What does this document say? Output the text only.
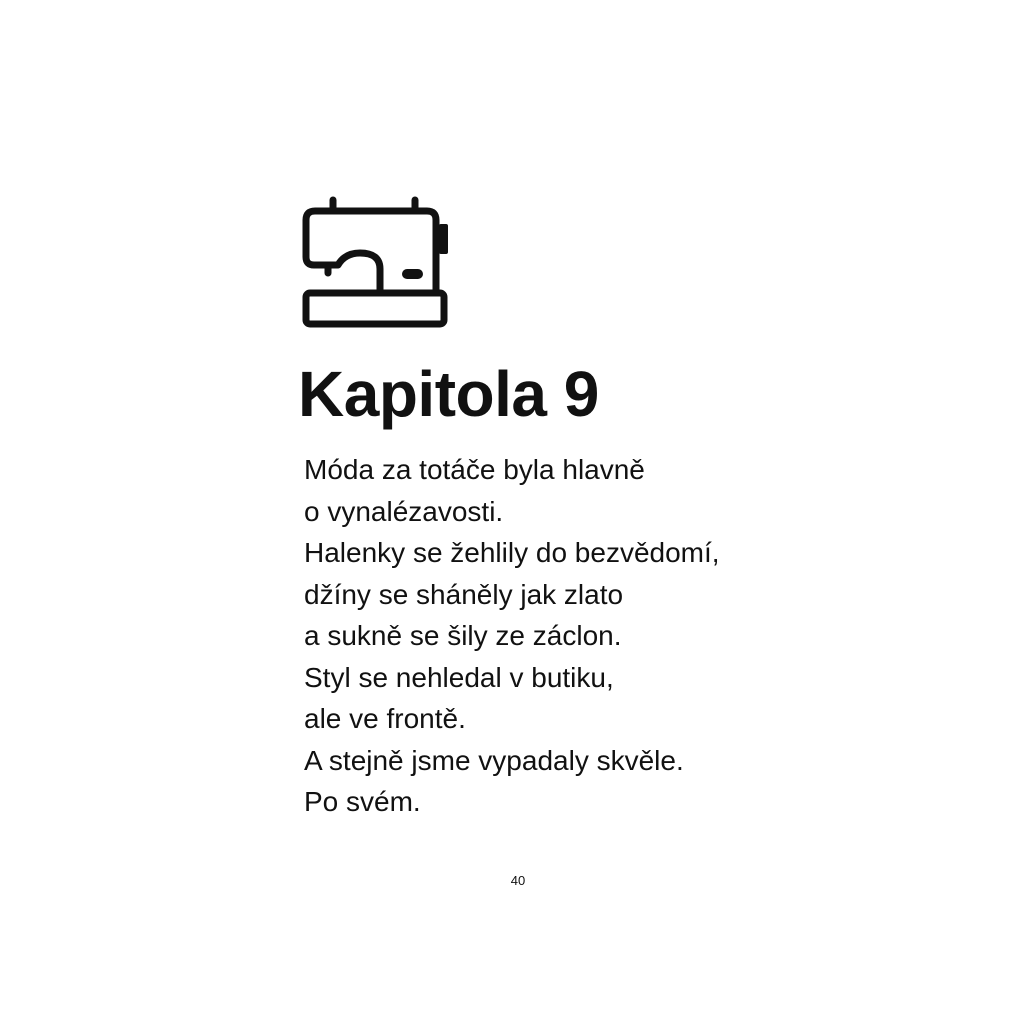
Kapitola 9
Móda za totáče byla hlavně
o vynalézavosti.
Halenky se žehlily do bezvědomí,
džíny se sháněly jak zlato
a sukně se šily ze záclon.
Styl se nehledal v butiku,
ale ve frontě.
A stejně jsme vypadaly skvěle.
Po svém.
40
